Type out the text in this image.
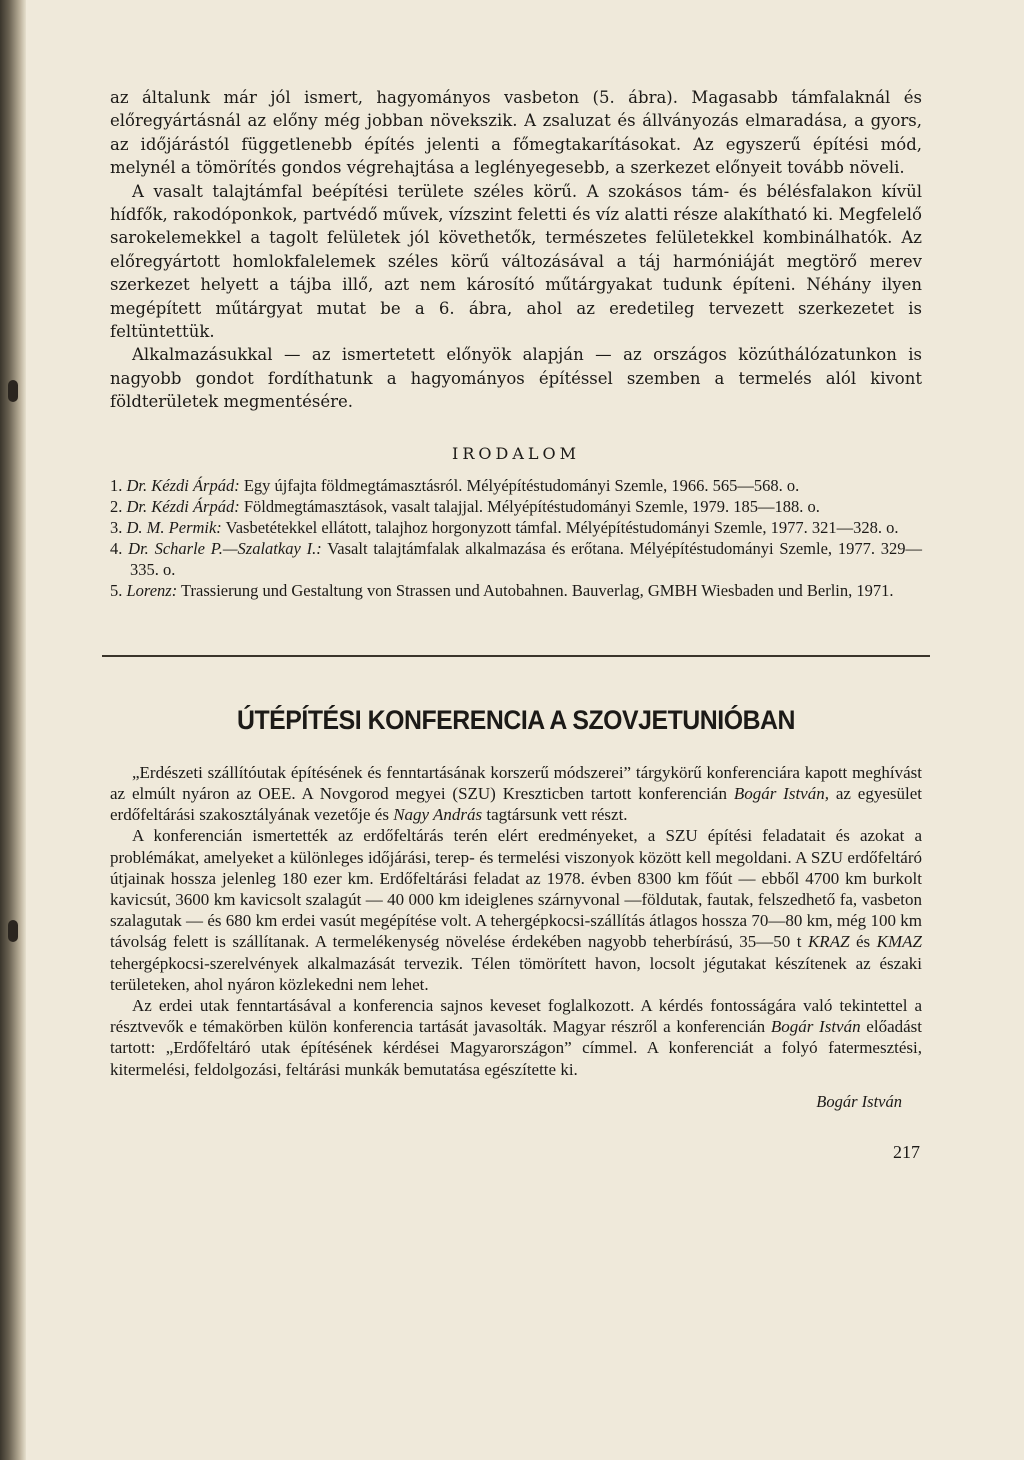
az általunk már jól ismert, hagyományos vasbeton (5. ábra). Magasabb támfalaknál és előregyártásnál az előny még jobban növekszik. A zsaluzat és állványozás elmaradása, a gyors, az időjárástól függetlenebb építés jelenti a főmegtakarításokat. Az egyszerű építési mód, melynél a tömörítés gondos végrehajtása a leglényegesebb, a szerkezet előnyeit tovább növeli.

A vasalt talajtámfal beépítési területe széles körű. A szokásos tám- és bélésfalakon kívül hídfők, rakodóponkok, partvédő művek, vízszint feletti és víz alatti része alakítható ki. Megfelelő sarokelemekkel a tagolt felületek jól követhetők, természetes felületekkel kombinálhatók. Az előregyártott homlokfalelemek széles körű változásával a táj harmóniáját megtörő merev szerkezet helyett a tájba illő, azt nem károsító műtárgyakat tudunk építeni. Néhány ilyen megépített műtárgyat mutat be a 6. ábra, ahol az eredetileg tervezett szerkezetet is feltüntettük.

Alkalmazásukkal — az ismertetett előnyök alapján — az országos közúthálózatunkon is nagyobb gondot fordíthatunk a hagyományos építéssel szemben a termelés alól kivont földterületek megmentésére.

IRODALOM
1. Dr. Kézdi Árpád: Egy újfajta földmegtámasztásról. Mélyépítéstudományi Szemle, 1966. 565—568. o.
2. Dr. Kézdi Árpád: Földmegtámasztások, vasalt talajjal. Mélyépítéstudományi Szemle, 1979. 185—188. o.
3. D. M. Permik: Vasbetétekkel ellátott, talajhoz horgonyzott támfal. Mélyépítéstudományi Szemle, 1977. 321—328. o.
4. Dr. Scharle P.—Szalatkay I.: Vasalt talajtámfalak alkalmazása és erőtana. Mélyépítéstudományi Szemle, 1977. 329—335. o.
5. Lorenz: Trassierung und Gestaltung von Strassen und Autobahnen. Bauverlag, GMBH Wiesbaden und Berlin, 1971.
ÚTÉPÍTÉSI KONFERENCIA A SZOVJETUNIÓBAN

„Erdészeti szállítóutak építésének és fenntartásának korszerű módszerei” tárgykörű konferenciára kapott meghívást az elmúlt nyáron az OEE. A Novgorod megyei (SZU) Kreszticben tartott konferencián Bogár István, az egyesület erdőfeltárási szakosztályának vezetője és Nagy András tagtársunk vett részt.

A konferencián ismertették az erdőfeltárás terén elért eredményeket, a SZU építési feladatait és azokat a problémákat, amelyeket a különleges időjárási, terep- és termelési viszonyok között kell megoldani. A SZU erdőfeltáró útjainak hossza jelenleg 180 ezer km. Erdőfeltárási feladat az 1978. évben 8300 km főút — ebből 4700 km burkolt kavicsút, 3600 km kavicsolt szalagút — 40 000 km ideiglenes szárnyvonal —földutak, fautak, felszedhető fa, vasbeton szalagutak — és 680 km erdei vasút megépítése volt. A tehergépkocsi-szállítás átlagos hossza 70—80 km, még 100 km távolság felett is szállítanak. A termelékenység növelése érdekében nagyobb teherbírású, 35—50 t KRAZ és KMAZ tehergépkocsi-szerelvények alkalmazását tervezik. Télen tömörített havon, locsolt jégutakat készítenek az északi területeken, ahol nyáron közlekedni nem lehet.

Az erdei utak fenntartásával a konferencia sajnos keveset foglalkozott. A kérdés fontosságára való tekintettel a résztvevők e témakörben külön konferencia tartását javasolták. Magyar részről a konferencián Bogár István előadást tartott: „Erdőfeltáró utak építésének kérdései Magyarországon” címmel. A konferenciát a folyó fatermesztési, kitermelési, feldolgozási, feltárási munkák bemutatása egészítette ki.

Bogár István
217
